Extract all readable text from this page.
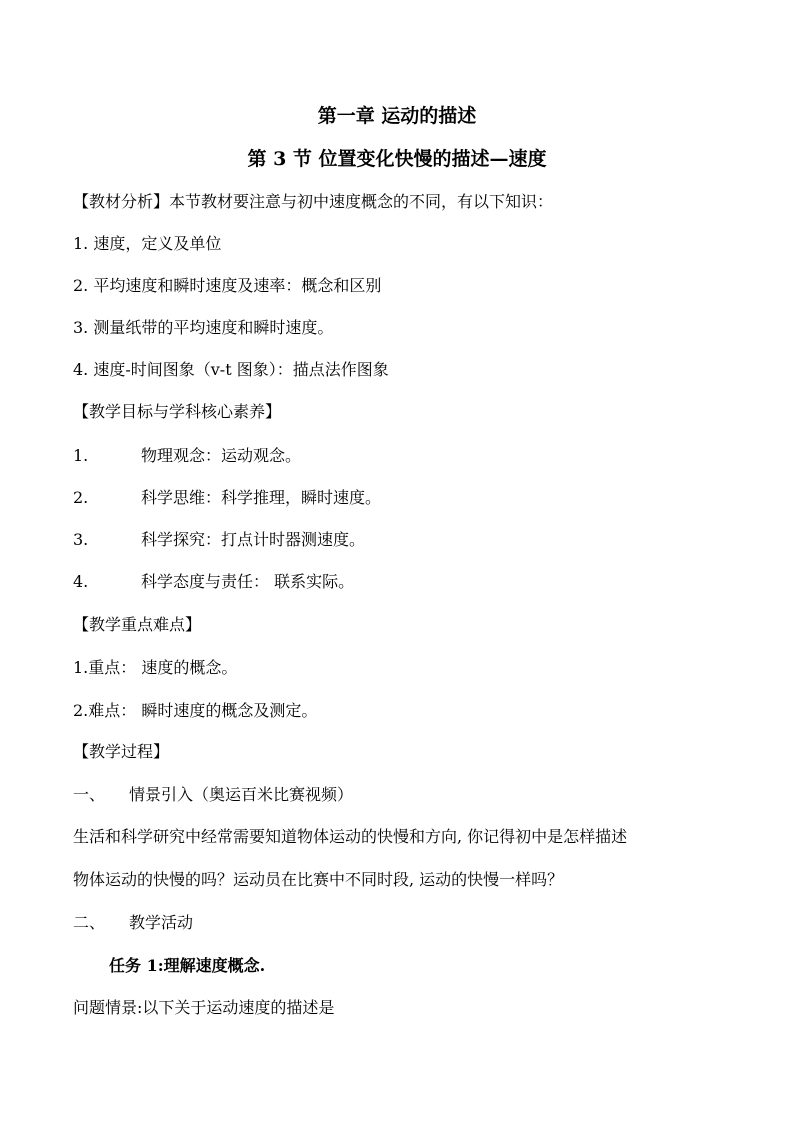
第一章 运动的描述
第 3 节 位置变化快慢的描述—速度
【教材分析】本节教材要注意与初中速度概念的不同，有以下知识：
1. 速度，定义及单位
2. 平均速度和瞬时速度及速率：概念和区别
3. 测量纸带的平均速度和瞬时速度。
4. 速度-时间图象（v-t 图象）：描点法作图象
【教学目标与学科核心素养】
1.	物理观念：运动观念。
2.	科学思维：科学推理，瞬时速度。
3.	科学探究：打点计时器测速度。
4.	科学态度与责任： 联系实际。
【教学重点难点】
1.重点： 速度的概念。
2.难点： 瞬时速度的概念及测定。
【教学过程】
一、 情景引入（奥运百米比赛视频）
生活和科学研究中经常需要知道物体运动的快慢和方向, 你记得初中是怎样描述
物体运动的快慢的吗？运动员在比赛中不同时段, 运动的快慢一样吗？
二、 教学活动
任务 1:理解速度概念.
问题情景:以下关于运动速度的描述是
